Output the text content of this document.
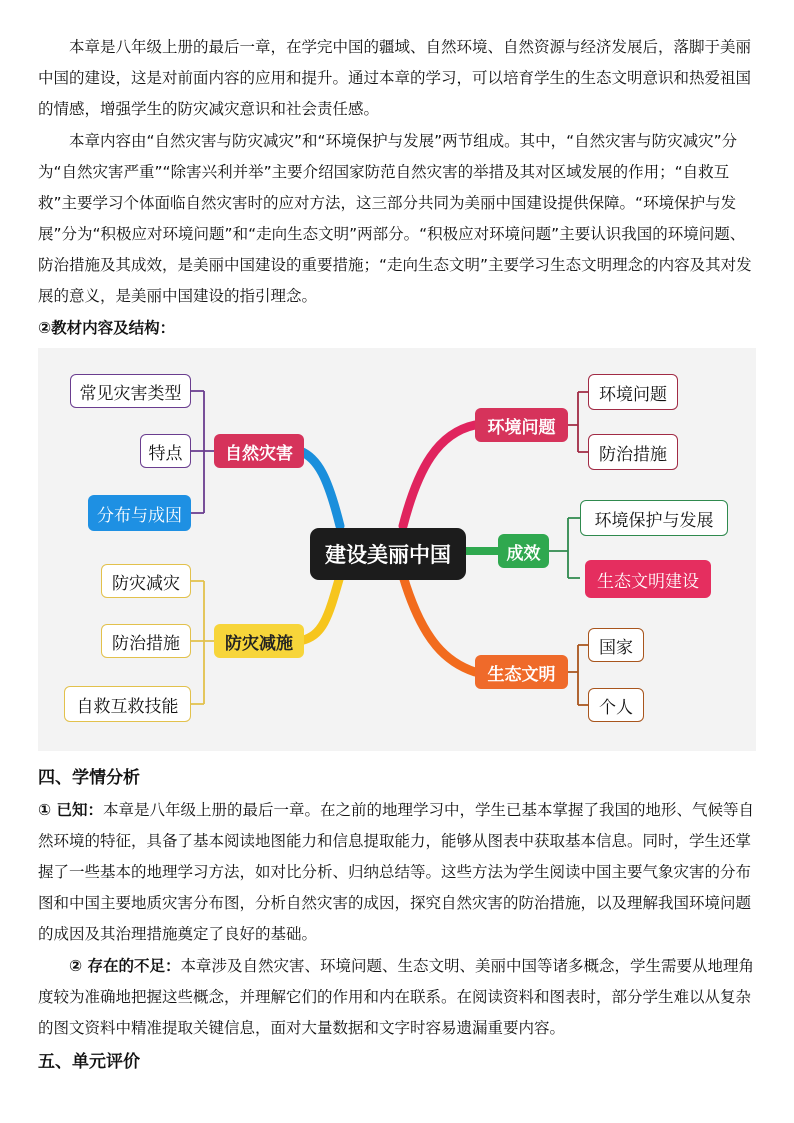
本章是八年级上册的最后一章，在学完中国的疆域、自然环境、自然资源与经济发展后，落脚于美丽中国的建设，这是对前面内容的应用和提升。通过本章的学习，可以培育学生的生态文明意识和热爱祖国的情感，增强学生的防灾减灾意识和社会责任感。

本章内容由“自然灾害与防灾减灾”和“环境保护与发展”两节组成。其中，“自然灾害与防灾减灾”分为“自然灾害严重”“除害兴利并举”主要介绍国家防范自然灾害的举措及其对区域发展的作用；“自救互救”主要学习个体面临自然灾害时的应对方法，这三部分共同为美丽中国建设提供保障。“环境保护与发展”分为“积极应对环境问题”和“走向生态文明”两部分。“积极应对环境问题”主要认识我国的环境问题、防治措施及其成效，是美丽中国建设的重要措施；“走向生态文明”主要学习生态文明理念的内容及其对发展的意义，是美丽中国建设的指引理念。

②教材内容及结构：

建设美丽中国
自然灾害
防灾减施
常见灾害类型
特点
分布与成因
防灾减灾
防治措施
自救互救技能
环境问题
成效
生态文明
环境问题
防治措施
环境保护与发展
生态文明建设
国家
个人

四、学情分析

① 已知：本章是八年级上册的最后一章。在之前的地理学习中，学生已基本掌握了我国的地形、气候等自然环境的特征，具备了基本阅读地图能力和信息提取能力，能够从图表中获取基本信息。同时，学生还掌握了一些基本的地理学习方法，如对比分析、归纳总结等。这些方法为学生阅读中国主要气象灾害的分布图和中国主要地质灾害分布图，分析自然灾害的成因，探究自然灾害的防治措施，以及理解我国环境问题的成因及其治理措施奠定了良好的基础。

② 存在的不足：本章涉及自然灾害、环境问题、生态文明、美丽中国等诸多概念，学生需要从地理角度较为准确地把握这些概念，并理解它们的作用和内在联系。在阅读资料和图表时，部分学生难以从复杂的图文资料中精准提取关键信息，面对大量数据和文字时容易遗漏重要内容。

五、单元评价
